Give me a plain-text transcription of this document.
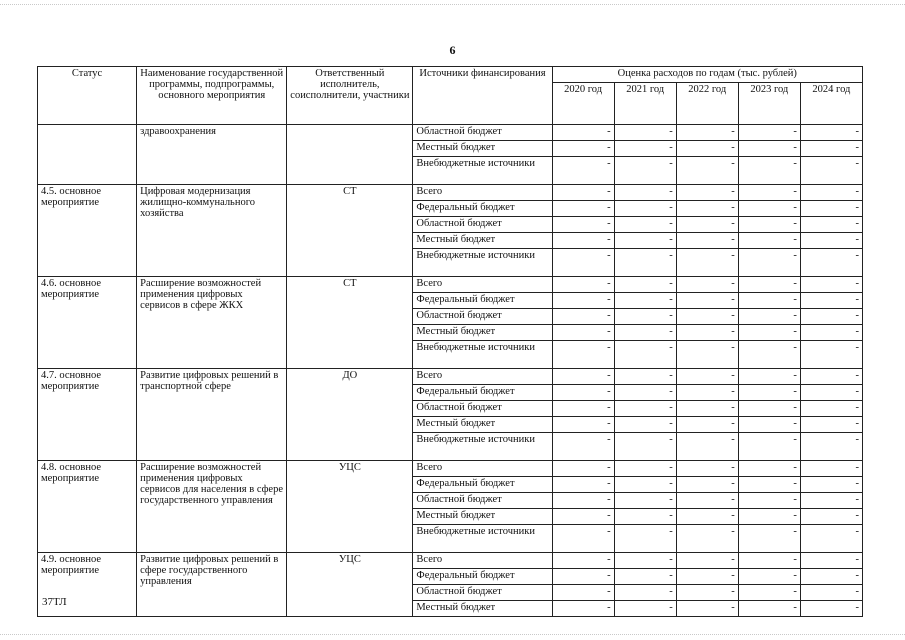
6
Статус	Наименование государственной программы, подпрограммы, основного мероприятия	Ответственный исполнитель, соисполнители, участники	Источники финансирования	Оценка расходов по годам (тыс. рублей)				
				2020 год	2021 год	2022 год	2023 год	2024 год
	здравоохранения		Областной бюджет	-	-	-	-	-
			Местный бюджет	-	-	-	-	-
			Внебюджетные источники	-	-	-	-	-
4.5. основное мероприятие	Цифровая модернизация жилищно-коммунального хозяйства	СТ	Всего	-	-	-	-	-
			Федеральный бюджет	-	-	-	-	-
			Областной бюджет	-	-	-	-	-
			Местный бюджет	-	-	-	-	-
			Внебюджетные источники	-	-	-	-	-
4.6. основное мероприятие	Расширение возможностей применения цифровых сервисов в сфере ЖКХ	СТ	Всего	-	-	-	-	-
			Федеральный бюджет	-	-	-	-	-
			Областной бюджет	-	-	-	-	-
			Местный бюджет	-	-	-	-	-
			Внебюджетные источники	-	-	-	-	-
4.7. основное мероприятие	Развитие цифровых решений в транспортной сфере	ДО	Всего	-	-	-	-	-
			Федеральный бюджет	-	-	-	-	-
			Областной бюджет	-	-	-	-	-
			Местный бюджет	-	-	-	-	-
			Внебюджетные источники	-	-	-	-	-
4.8. основное мероприятие	Расширение возможностей применения цифровых сервисов для населения в сфере государственного управления	УЦС	Всего	-	-	-	-	-
			Федеральный бюджет	-	-	-	-	-
			Областной бюджет	-	-	-	-	-
			Местный бюджет	-	-	-	-	-
			Внебюджетные источники	-	-	-	-	-
4.9. основное мероприятие	Развитие цифровых решений в сфере государственного управления	УЦС	Всего	-	-	-	-	-
			Федеральный бюджет	-	-	-	-	-
			Областной бюджет	-	-	-	-	-
			Местный бюджет	-	-	-	-	-
37ТЛ
